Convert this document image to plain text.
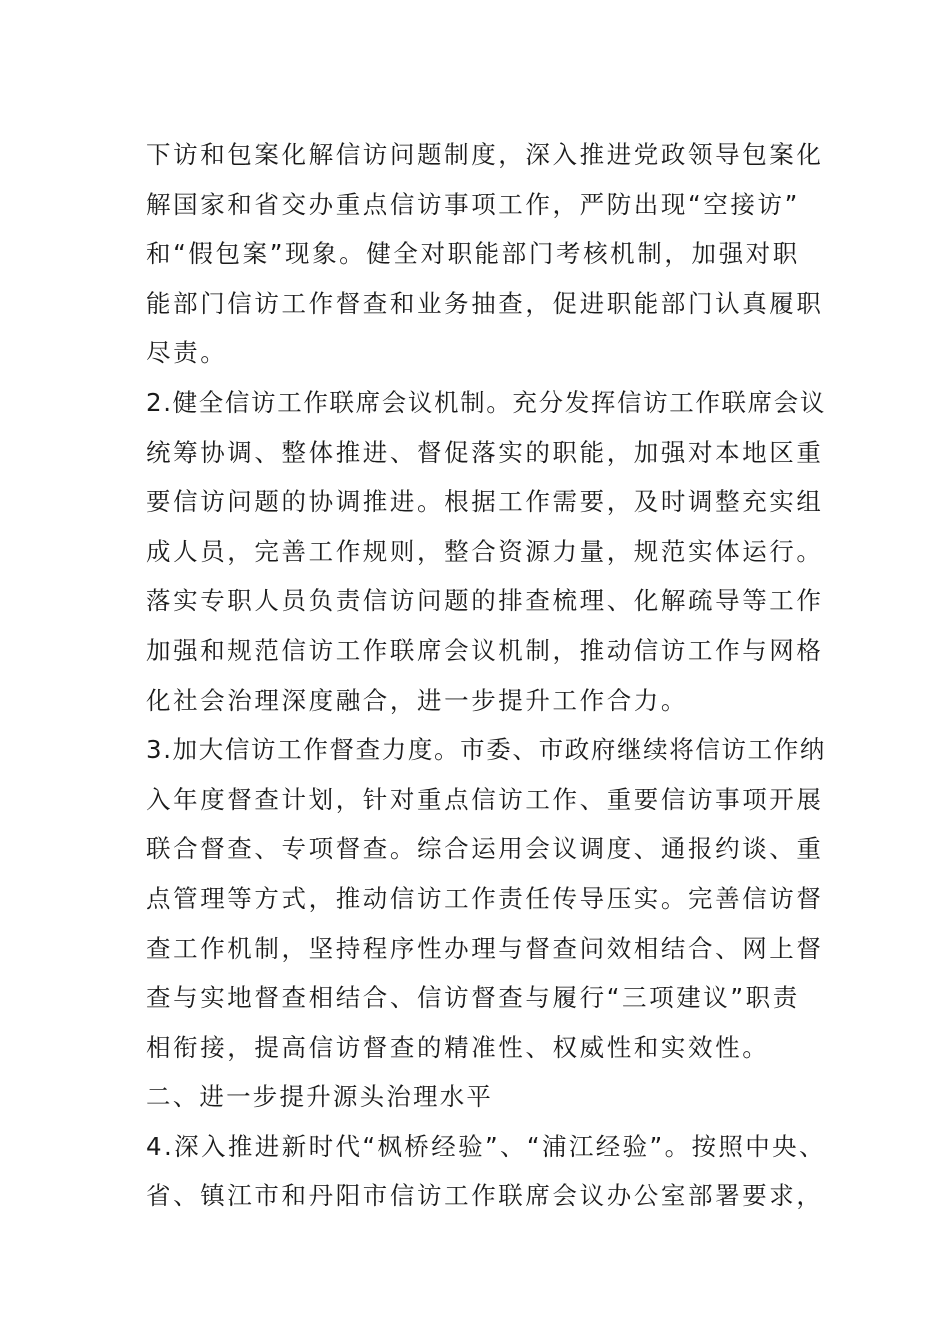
下访和包案化解信访问题制度，深入推进党政领导包案化
解国家和省交办重点信访事项工作，严防出现“空接访”
和“假包案”现象。健全对职能部门考核机制，加强对职
能部门信访工作督查和业务抽查，促进职能部门认真履职
尽责。
2.健全信访工作联席会议机制。充分发挥信访工作联席会议
统筹协调、整体推进、督促落实的职能，加强对本地区重
要信访问题的协调推进。根据工作需要，及时调整充实组
成人员，完善工作规则，整合资源力量，规范实体运行。
落实专职人员负责信访问题的排查梳理、化解疏导等工作
加强和规范信访工作联席会议机制，推动信访工作与网格
化社会治理深度融合，进一步提升工作合力。
3.加大信访工作督查力度。市委、市政府继续将信访工作纳
入年度督查计划，针对重点信访工作、重要信访事项开展
联合督查、专项督查。综合运用会议调度、通报约谈、重
点管理等方式，推动信访工作责任传导压实。完善信访督
查工作机制，坚持程序性办理与督查问效相结合、网上督
查与实地督查相结合、信访督查与履行“三项建议”职责
相衔接，提高信访督查的精准性、权威性和实效性。
二、进一步提升源头治理水平
4.深入推进新时代“枫桥经验”、“浦江经验”。按照中央、
省、镇江市和丹阳市信访工作联席会议办公室部署要求，
